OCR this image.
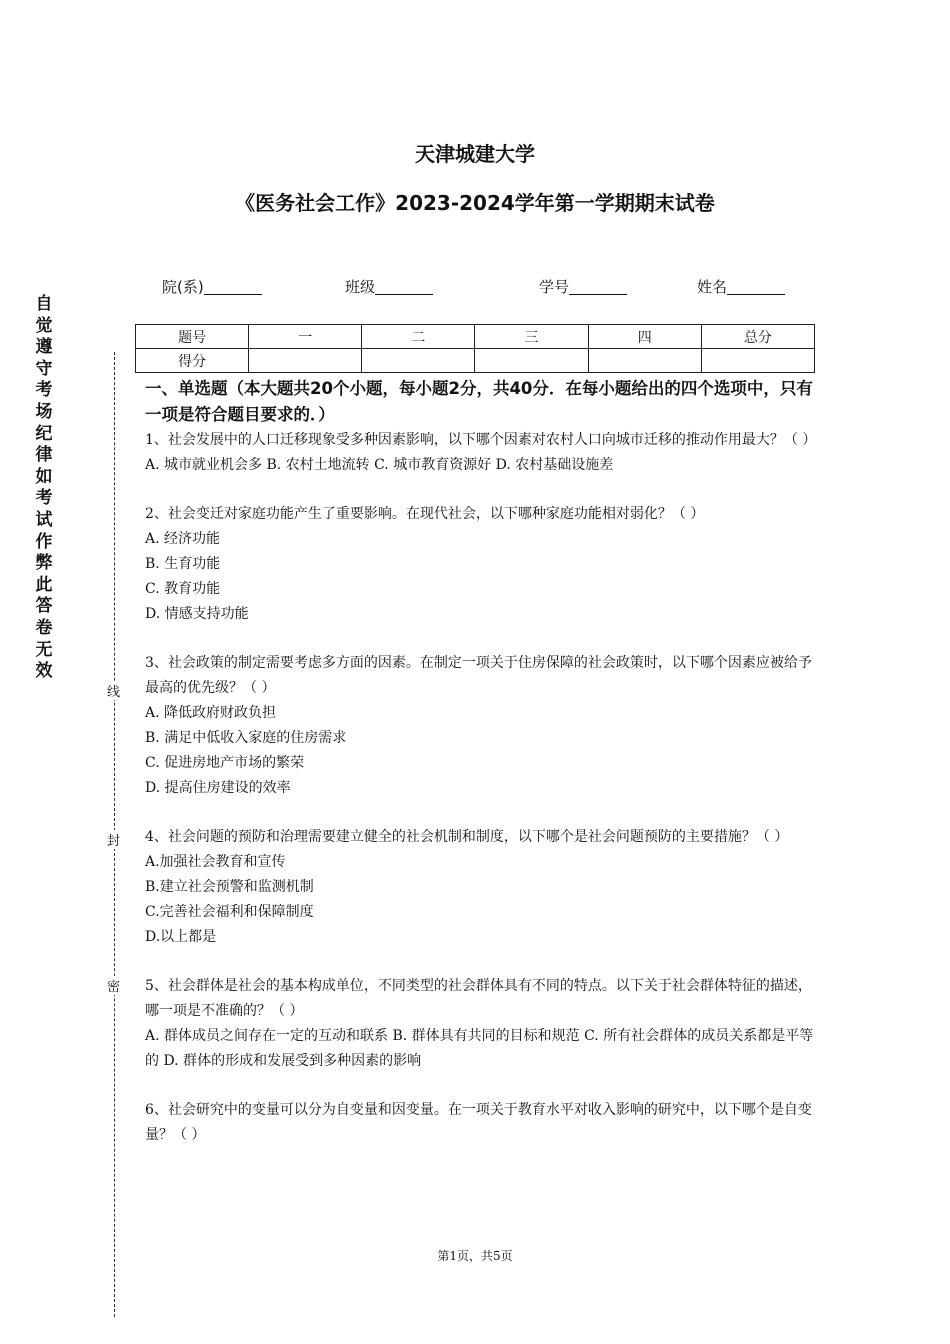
天津城建大学
《医务社会工作》2023-2024学年第一学期期末试卷
院(系)	班级	学号	姓名
题号	一	二	三	四	总分
得分					
自觉遵守考场纪律如考试作弊此答卷无效
线
封
密

一、单选题（本大题共20个小题，每小题2分，共40分．在每小题给出的四个选项中，只有一项是符合题目要求的．）

1、社会发展中的人口迁移现象受多种因素影响，以下哪个因素对农村人口向城市迁移的推动作用最大？（ ）

A. 城市就业机会多 B. 农村土地流转 C. 城市教育资源好 D. 农村基础设施差

2、社会变迁对家庭功能产生了重要影响。在现代社会，以下哪种家庭功能相对弱化？（ ）

A. 经济功能

B. 生育功能

C. 教育功能

D. 情感支持功能

3、社会政策的制定需要考虑多方面的因素。在制定一项关于住房保障的社会政策时，以下哪个因素应被给予最高的优先级？（ ）

A. 降低政府财政负担

B. 满足中低收入家庭的住房需求

C. 促进房地产市场的繁荣

D. 提高住房建设的效率

4、社会问题的预防和治理需要建立健全的社会机制和制度，以下哪个是社会问题预防的主要措施？（ ）

A.加强社会教育和宣传

B.建立社会预警和监测机制

C.完善社会福利和保障制度

D.以上都是

5、社会群体是社会的基本构成单位，不同类型的社会群体具有不同的特点。以下关于社会群体特征的描述，哪一项是不准确的？（ ）

A. 群体成员之间存在一定的互动和联系 B. 群体具有共同的目标和规范 C. 所有社会群体的成员关系都是平等的 D. 群体的形成和发展受到多种因素的影响

6、社会研究中的变量可以分为自变量和因变量。在一项关于教育水平对收入影响的研究中，以下哪个是自变量？（ ）

第1页，共5页
